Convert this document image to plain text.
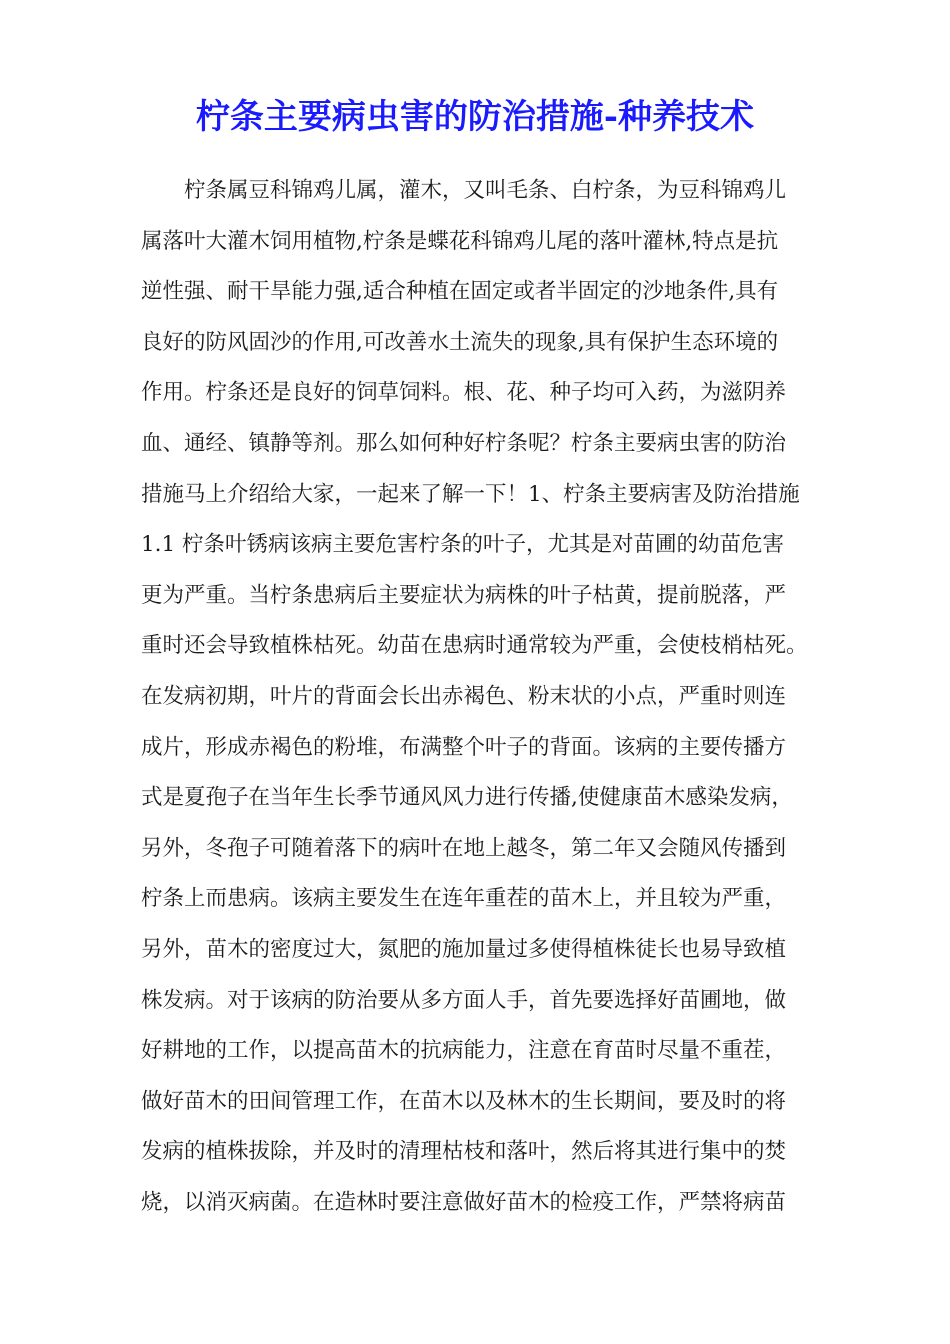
柠条主要病虫害的防治措施-种养技术
　　柠条属豆科锦鸡儿属，灌木，又叫毛条、白柠条，为豆科锦鸡儿
属落叶大灌木饲用植物,柠条是蝶花科锦鸡儿尾的落叶灌林,特点是抗
逆性强、耐干旱能力强,适合种植在固定或者半固定的沙地条件,具有
良好的防风固沙的作用,可改善水土流失的现象,具有保护生态环境的
作用。柠条还是良好的饲草饲料。根、花、种子均可入药，为滋阴养
血、通经、镇静等剂。那么如何种好柠条呢？柠条主要病虫害的防治
措施马上介绍给大家，一起来了解一下！1、柠条主要病害及防治措施
1.1 柠条叶锈病该病主要危害柠条的叶子，尤其是对苗圃的幼苗危害
更为严重。当柠条患病后主要症状为病株的叶子枯黄，提前脱落，严
重时还会导致植株枯死。幼苗在患病时通常较为严重，会使枝梢枯死。
在发病初期，叶片的背面会长出赤褐色、粉末状的小点，严重时则连
成片，形成赤褐色的粉堆，布满整个叶子的背面。该病的主要传播方
式是夏孢子在当年生长季节通风风力进行传播,使健康苗木感染发病，
另外，冬孢子可随着落下的病叶在地上越冬，第二年又会随风传播到
柠条上而患病。该病主要发生在连年重茬的苗木上，并且较为严重，
另外，苗木的密度过大，氮肥的施加量过多使得植株徒长也易导致植
株发病。对于该病的防治要从多方面人手，首先要选择好苗圃地，做
好耕地的工作，以提高苗木的抗病能力，注意在育苗时尽量不重茬，
做好苗木的田间管理工作，在苗木以及林木的生长期间，要及时的将
发病的植株拔除，并及时的清理枯枝和落叶，然后将其进行集中的焚
烧，以消灭病菌。在造林时要注意做好苗木的检疫工作，严禁将病苗
